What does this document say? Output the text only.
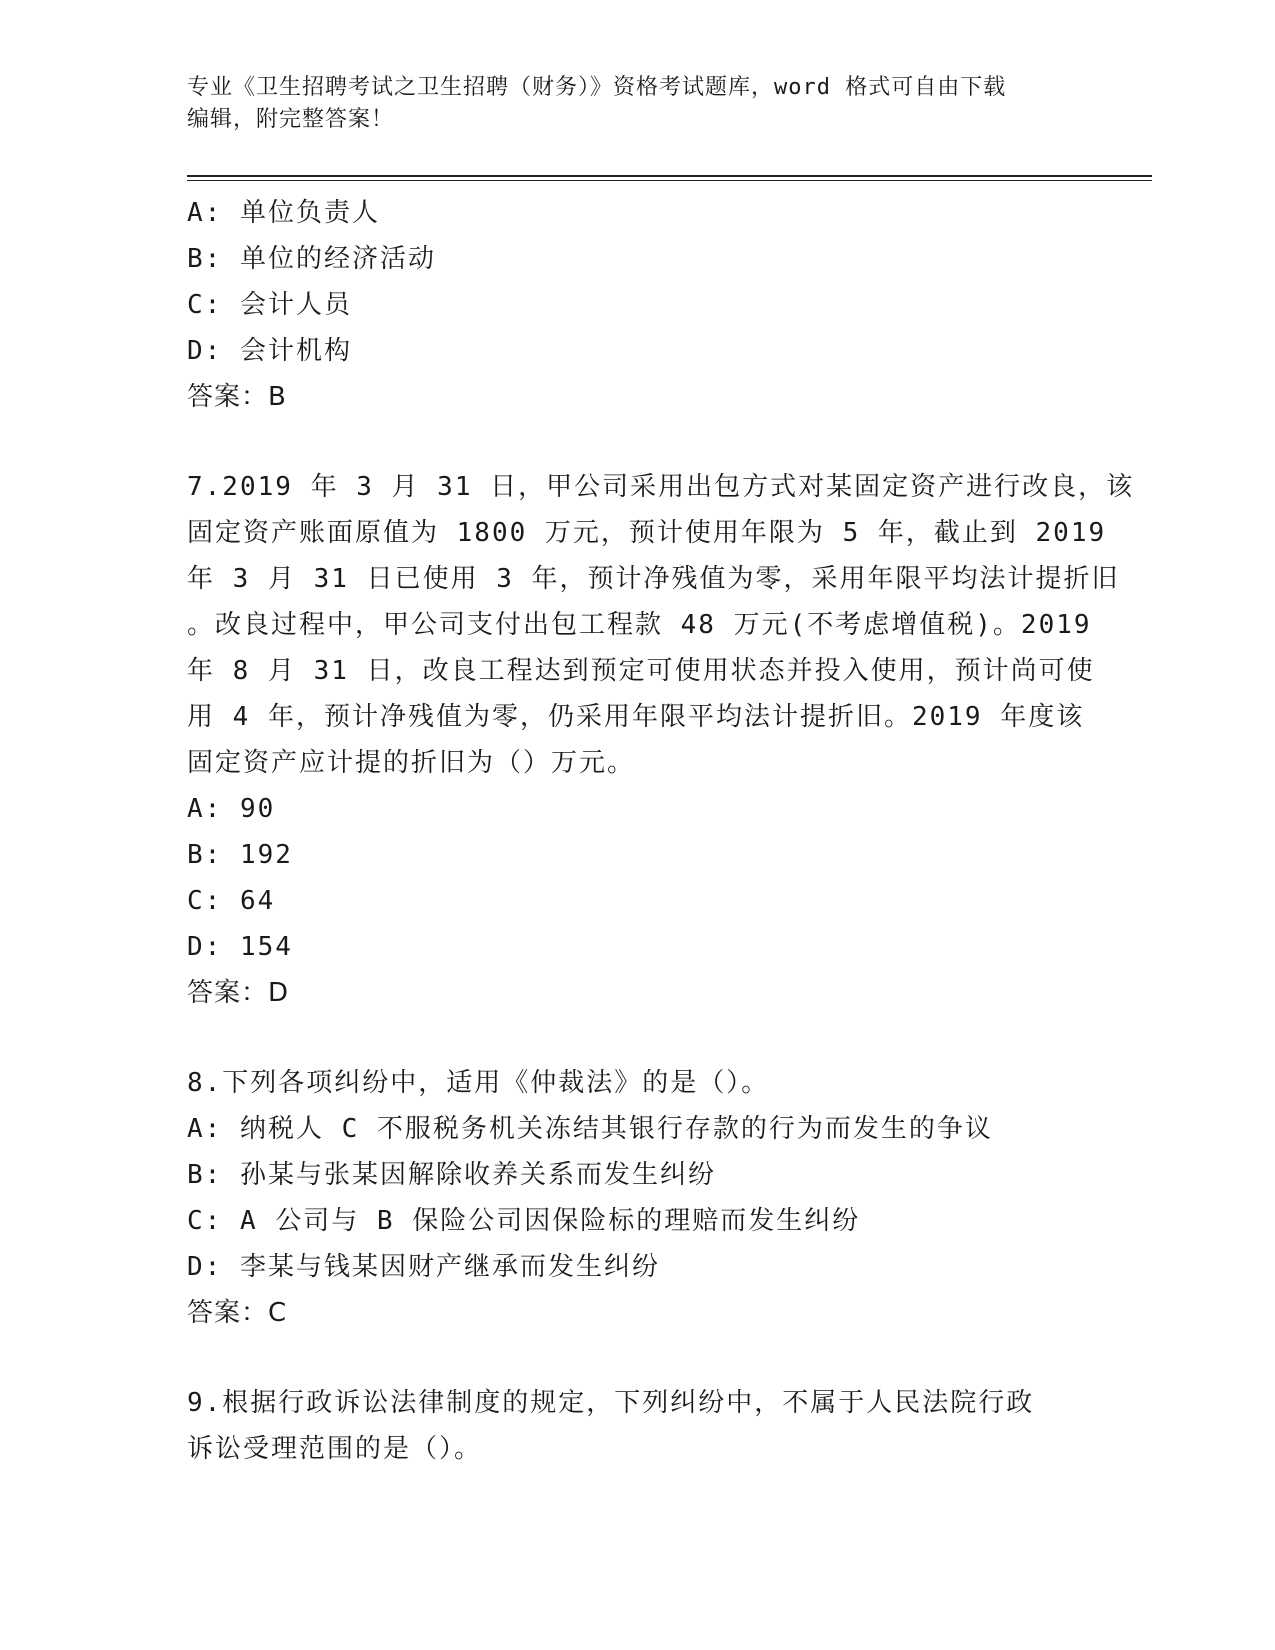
专业《卫生招聘考试之卫生招聘（财务）》资格考试题库，word 格式可自由下载
编辑，附完整答案！
A: 单位负责人
B: 单位的经济活动
C: 会计人员
D: 会计机构
答案：B
7.2019 年 3 月 31 日，甲公司采用出包方式对某固定资产进行改良，该
固定资产账面原值为 1800 万元，预计使用年限为 5 年，截止到 2019
年 3 月 31 日已使用 3 年，预计净残值为零，采用年限平均法计提折旧
。改良过程中，甲公司支付出包工程款 48 万元(不考虑增值税)。2019
年 8 月 31 日，改良工程达到预定可使用状态并投入使用，预计尚可使
用 4 年，预计净残值为零，仍采用年限平均法计提折旧。2019 年度该
固定资产应计提的折旧为（）万元。
A: 90
B: 192
C: 64
D: 154
答案：D
8.下列各项纠纷中，适用《仲裁法》的是（）。
A: 纳税人 C 不服税务机关冻结其银行存款的行为而发生的争议
B: 孙某与张某因解除收养关系而发生纠纷
C: A 公司与 B 保险公司因保险标的理赔而发生纠纷
D: 李某与钱某因财产继承而发生纠纷
答案：C
9.根据行政诉讼法律制度的规定，下列纠纷中，不属于人民法院行政
诉讼受理范围的是（）。
